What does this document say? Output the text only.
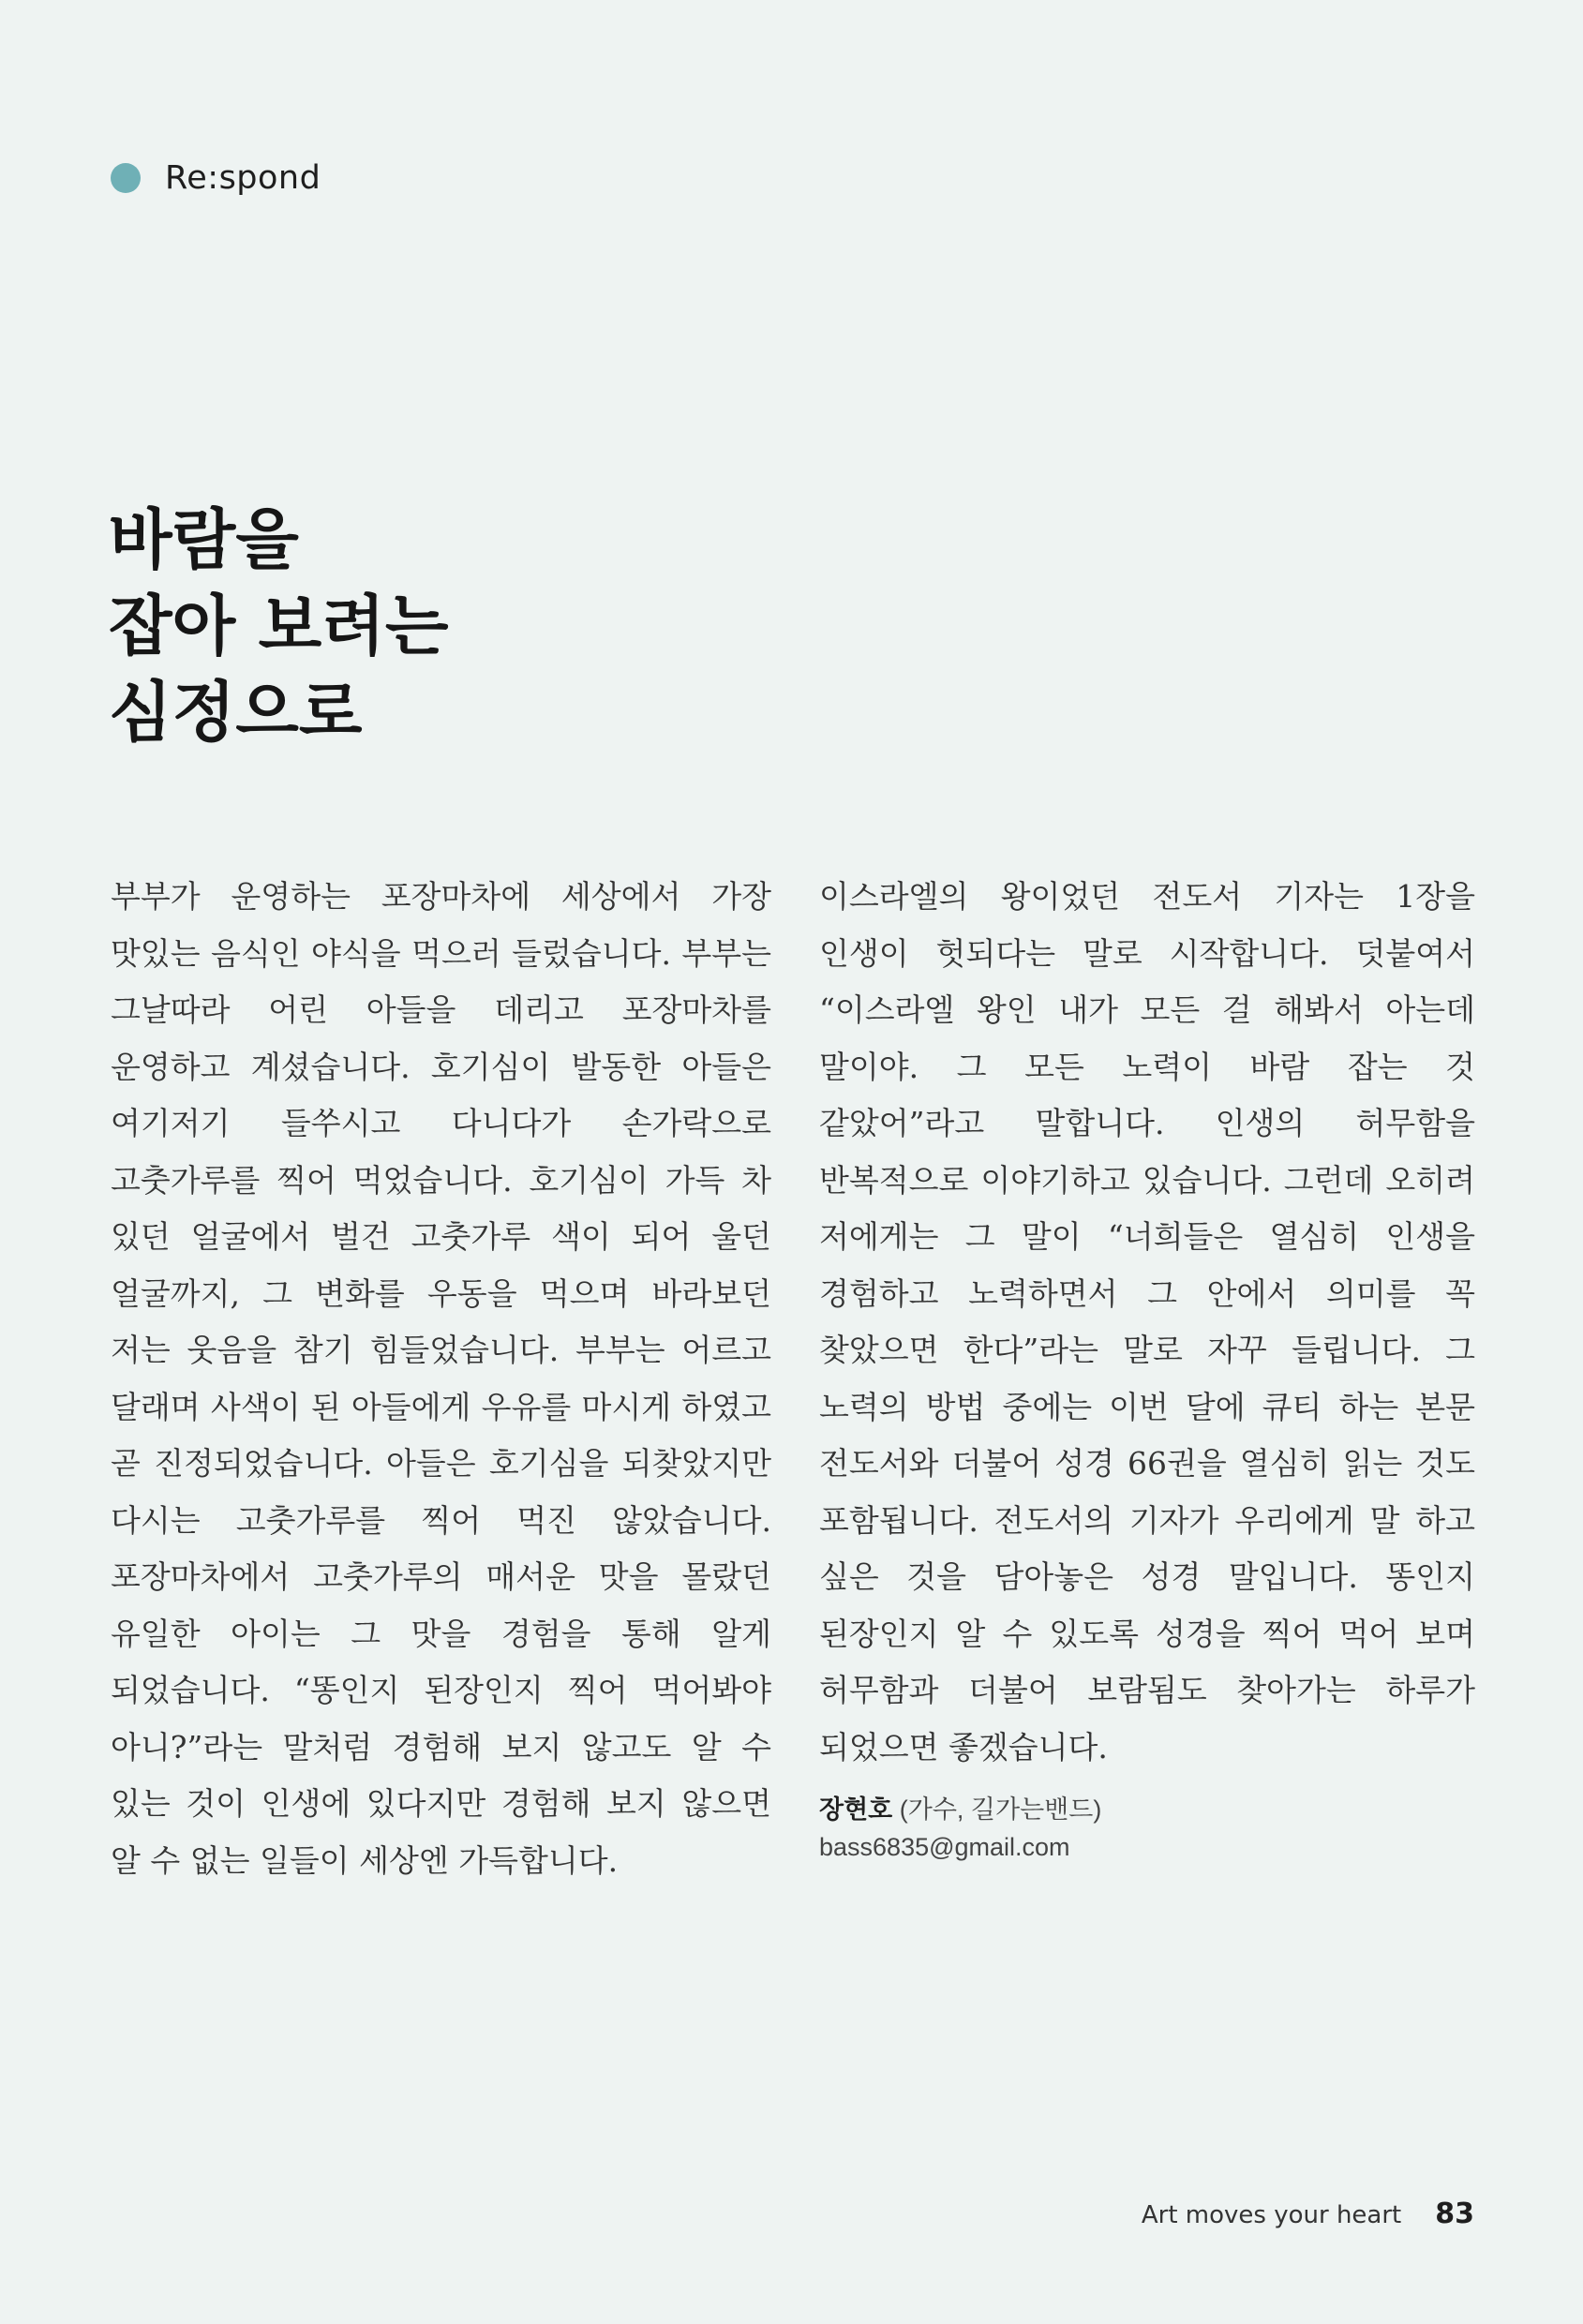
Re:spond
바람을
잡아 보려는
심정으로

부부가 운영하는 포장마차에 세상에서 가장 맛있는 음식인 야식을 먹으러 들렀습니다. 부부는 그날따라 어린 아들을 데리고 포장마차를 운영하고 계셨습니다. 호기심이 발동한 아들은 여기저기 들쑤시고 다니다가 손가락으로 고춧가루를 찍어 먹었습니다. 호기심이 가득 차 있던 얼굴에서 벌건 고춧가루 색이 되어 울던 얼굴까지, 그 변화를 우동을 먹으며 바라보던 저는 웃음을 참기 힘들었습니다. 부부는 어르고 달래며 사색이 된 아들에게 우유를 마시게 하였고 곧 진정되었습니다. 아들은 호기심을 되찾았지만 다시는 고춧가루를 찍어 먹진 않았습니다. 포장마차에서 고춧가루의 매서운 맛을 몰랐던 유일한 아이는 그 맛을 경험을 통해 알게 되었습니다. “똥인지 된장인지 찍어 먹어봐야 아니?”라는 말처럼 경험해 보지 않고도 알 수 있는 것이 인생에 있다지만 경험해 보지 않으면 알 수 없는 일들이 세상엔 가득합니다.

이스라엘의 왕이었던 전도서 기자는 1장을 인생이 헛되다는 말로 시작합니다. 덧붙여서 “이스라엘 왕인 내가 모든 걸 해봐서 아는데 말이야. 그 모든 노력이 바람 잡는 것 같았어”라고 말합니다. 인생의 허무함을 반복적으로 이야기하고 있습니다. 그런데 오히려 저에게는 그 말이 “너희들은 열심히 인생을 경험하고 노력하면서 그 안에서 의미를 꼭 찾았으면 한다”라는 말로 자꾸 들립니다. 그 노력의 방법 중에는 이번 달에 큐티 하는 본문 전도서와 더불어 성경 66권을 열심히 읽는 것도 포함됩니다. 전도서의 기자가 우리에게 말 하고 싶은 것을 담아놓은 성경 말입니다. 똥인지 된장인지 알 수 있도록 성경을 찍어 먹어 보며 허무함과 더불어 보람됨도 찾아가는 하루가 되었으면 좋겠습니다.

장현호 (가수, 길가는밴드)
bass6835@gmail.com
Art moves your heart 83
